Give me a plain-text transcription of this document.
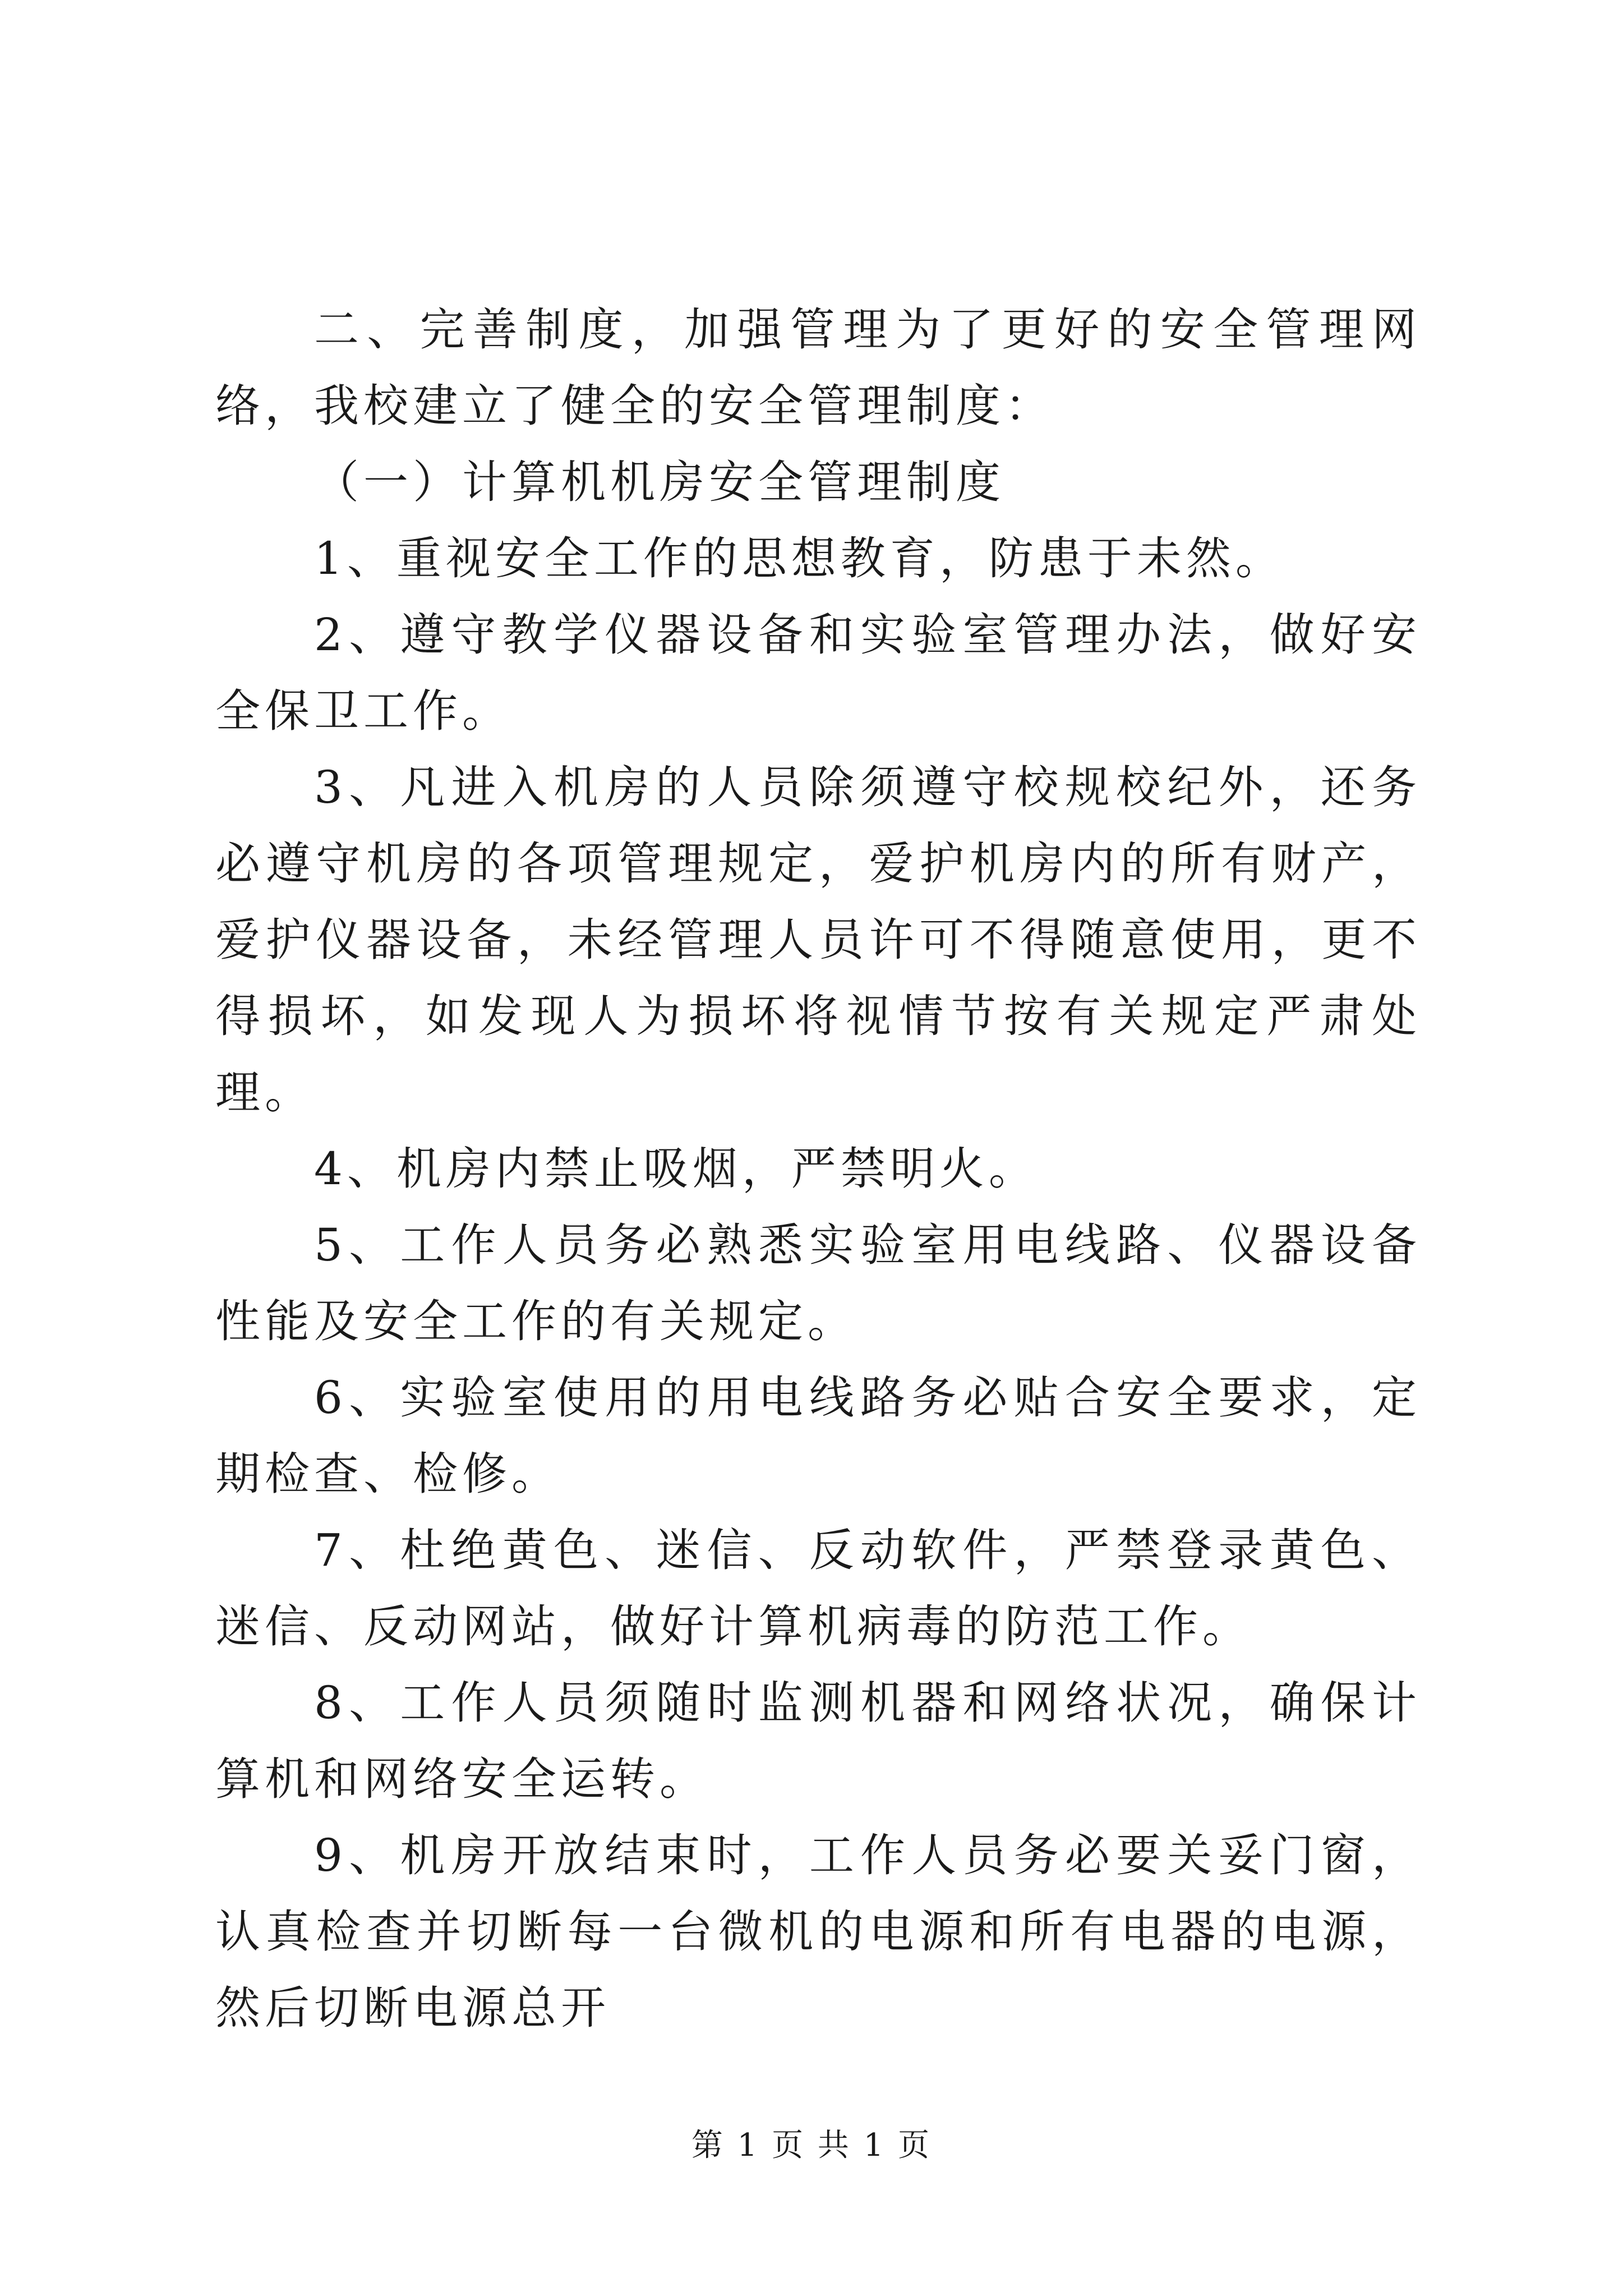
二、完善制度，加强管理为了更好的安全管理网络，我校建立了健全的安全管理制度：

（一）计算机机房安全管理制度

1、重视安全工作的思想教育，防患于未然。

2、遵守教学仪器设备和实验室管理办法，做好安全保卫工作。

3、凡进入机房的人员除须遵守校规校纪外，还务必遵守机房的各项管理规定，爱护机房内的所有财产，爱护仪器设备，未经管理人员许可不得随意使用，更不得损坏，如发现人为损坏将视情节按有关规定严肃处理。

4、机房内禁止吸烟，严禁明火。

5、工作人员务必熟悉实验室用电线路、仪器设备性能及安全工作的有关规定。

6、实验室使用的用电线路务必贴合安全要求，定期检查、检修。

7、杜绝黄色、迷信、反动软件，严禁登录黄色、迷信、反动网站，做好计算机病毒的防范工作。

8、工作人员须随时监测机器和网络状况，确保计算机和网络安全运转。

9、机房开放结束时，工作人员务必要关妥门窗，认真检查并切断每一台微机的电源和所有电器的电源，然后切断电源总开

第 1 页 共 1 页
